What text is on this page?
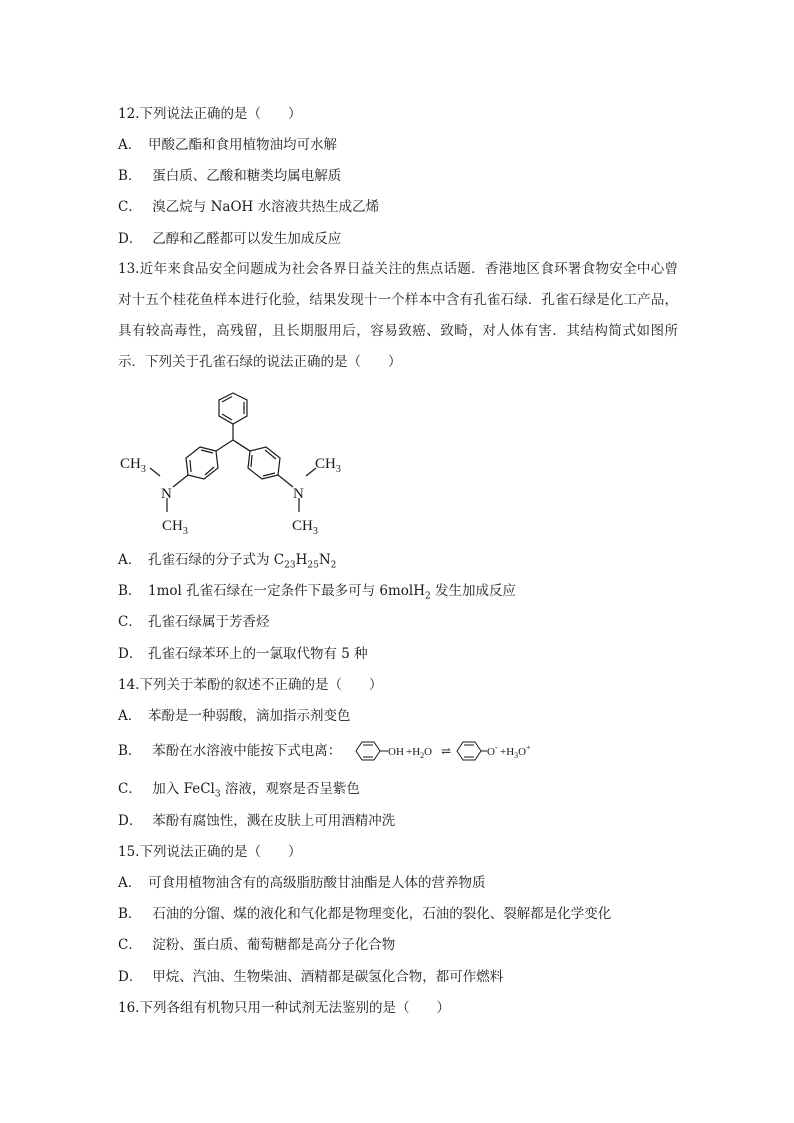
12.下列说法正确的是（　　）
A． 甲酸乙酯和食用植物油均可水解
B． 蛋白质、乙酸和糖类均属电解质
C． 溴乙烷与 NaOH 水溶液共热生成乙烯
D． 乙醇和乙醛都可以发生加成反应
13.近年来食品安全问题成为社会各界日益关注的焦点话题．香港地区食环署食物安全中心曾对十五个桂花鱼样本进行化验，结果发现十一个样本中含有孔雀石绿．孔雀石绿是化工产品，具有较高毒性，高残留，且长期服用后，容易致癌、致畸，对人体有害．其结构简式如图所示．下列关于孔雀石绿的说法正确的是（　　）
$CH_3$
N
$CH_3$
$CH_3$
N
$CH_3$
A． 孔雀石绿的分子式为 $C_{23}H_{25}N_2$
B． 1mol 孔雀石绿在一定条件下最多可与 6molH$_2$ 发生加成反应
C． 孔雀石绿属于芳香烃
D． 孔雀石绿苯环上的一氯取代物有 5 种
14.下列关于苯酚的叙述不正确的是（　　）
A． 苯酚是一种弱酸，滴加指示剂变色
B． 苯酚在水溶液中能按下式电离：	OH $+H_2O$ ⇌	$O^- +H_3O^+$
C． 加入 FeCl$_3$ 溶液，观察是否呈紫色
D． 苯酚有腐蚀性，溅在皮肤上可用酒精冲洗
15.下列说法正确的是（　　）
A． 可食用植物油含有的高级脂肪酸甘油酯是人体的营养物质
B． 石油的分馏、煤的液化和气化都是物理变化，石油的裂化、裂解都是化学变化
C． 淀粉、蛋白质、葡萄糖都是高分子化合物
D． 甲烷、汽油、生物柴油、酒精都是碳氢化合物，都可作燃料
16.下列各组有机物只用一种试剂无法鉴别的是（　　）
